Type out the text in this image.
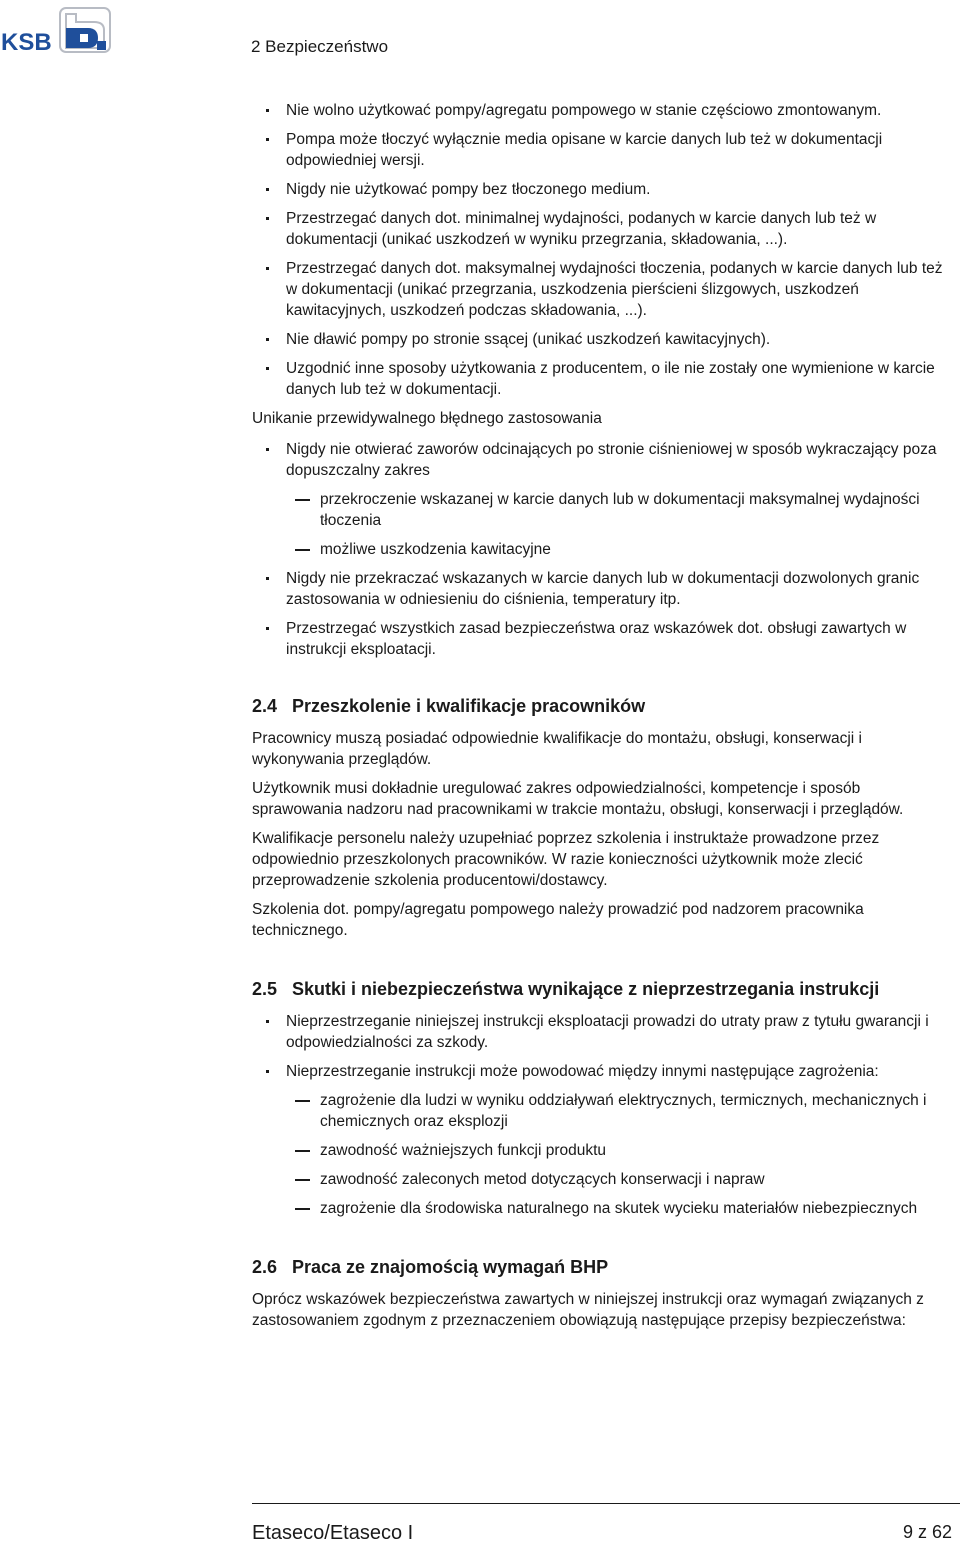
KSB	2 Bezpieczeństwo
Nie wolno użytkować pompy/agregatu pompowego w stanie częściowo zmontowanym.
Pompa może tłoczyć wyłącznie media opisane w karcie danych lub też w dokumentacji odpowiedniej wersji.
Nigdy nie użytkować pompy bez tłoczonego medium.
Przestrzegać danych dot. minimalnej wydajności, podanych w karcie danych lub też w dokumentacji (unikać uszkodzeń w wyniku przegrzania, składowania, ...).
Przestrzegać danych dot. maksymalnej wydajności tłoczenia, podanych w karcie danych lub też w dokumentacji (unikać przegrzania, uszkodzenia pierścieni ślizgowych, uszkodzeń kawitacyjnych, uszkodzeń podczas składowania, ...).
Nie dławić pompy po stronie ssącej (unikać uszkodzeń kawitacyjnych).
Uzgodnić inne sposoby użytkowania z producentem, o ile nie zostały one wymienione w karcie danych lub też w dokumentacji.
Unikanie przewidywalnego błędnego zastosowania
Nigdy nie otwierać zaworów odcinających po stronie ciśnieniowej w sposób wykraczający poza dopuszczalny zakres
przekroczenie wskazanej w karcie danych lub w dokumentacji maksymalnej wydajności tłoczenia
możliwe uszkodzenia kawitacyjne
Nigdy nie przekraczać wskazanych w karcie danych lub w dokumentacji dozwolonych granic zastosowania w odniesieniu do ciśnienia, temperatury itp.
Przestrzegać wszystkich zasad bezpieczeństwa oraz wskazówek dot. obsługi zawartych w instrukcji eksploatacji.
2.4 Przeszkolenie i kwalifikacje pracowników

Pracownicy muszą posiadać odpowiednie kwalifikacje do montażu, obsługi, konserwacji i wykonywania przeglądów.

Użytkownik musi dokładnie uregulować zakres odpowiedzialności, kompetencje i sposób sprawowania nadzoru nad pracownikami w trakcie montażu, obsługi, konserwacji i przeglądów.

Kwalifikacje personelu należy uzupełniać poprzez szkolenia i instruktaże prowadzone przez odpowiednio przeszkolonych pracowników. W razie konieczności użytkownik może zlecić przeprowadzenie szkolenia producentowi/dostawcy.

Szkolenia dot. pompy/agregatu pompowego należy prowadzić pod nadzorem pracownika technicznego.

2.5 Skutki i niebezpieczeństwa wynikające z nieprzestrzegania instrukcji
Nieprzestrzeganie niniejszej instrukcji eksploatacji prowadzi do utraty praw z tytułu gwarancji i odpowiedzialności za szkody.
Nieprzestrzeganie instrukcji może powodować między innymi następujące zagrożenia:
zagrożenie dla ludzi w wyniku oddziaływań elektrycznych, termicznych, mechanicznych i chemicznych oraz eksplozji
zawodność ważniejszych funkcji produktu
zawodność zaleconych metod dotyczących konserwacji i napraw
zagrożenie dla środowiska naturalnego na skutek wycieku materiałów niebezpiecznych
2.6 Praca ze znajomością wymagań BHP

Oprócz wskazówek bezpieczeństwa zawartych w niniejszej instrukcji oraz wymagań związanych z zastosowaniem zgodnym z przeznaczeniem obowiązują następujące przepisy bezpieczeństwa:

Etaseco/Etaseco I	9 z 62
